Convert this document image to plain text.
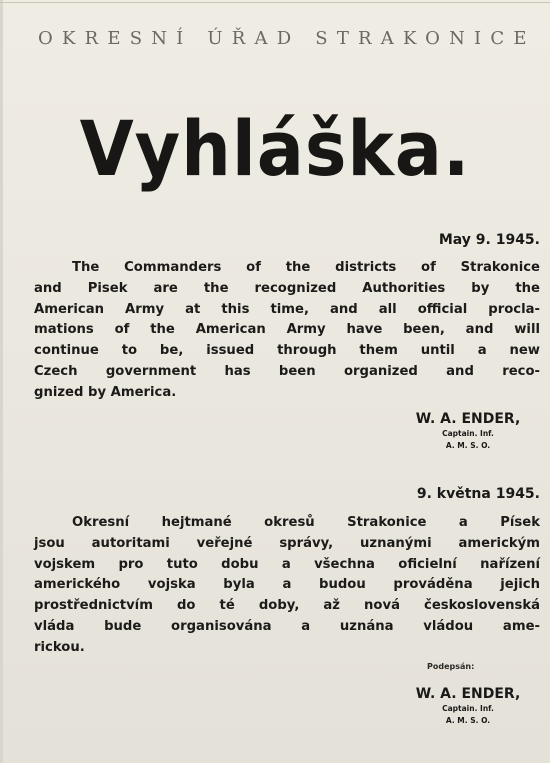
OKRESNÍ ÚŘAD STRAKONICE
Vyhláška.
May 9. 1945.
The Commanders of the districts of Strakonice
and Pisek are the recognized Authorities by the
American Army at this time, and all official procla-
mations of the American Army have been, and will
continue to be, issued through them until a new
Czech government has been organized and reco-
gnized by America.
W. A. ENDER,
Captain. Inf.
A. M. S. O.
9. května 1945.
Okresní hejtmané okresů Strakonice a Písek
jsou autoritami veřejné správy, uznanými americkým
vojskem pro tuto dobu a všechna oficielní nařízení
amerického vojska byla a budou prováděna jejich
prostřednictvím do té doby, až nová československá
vláda bude organisována a uznána vládou ame-
rickou.
Podepsán:
W. A. ENDER,
Captain. Inf.
A. M. S. O.
